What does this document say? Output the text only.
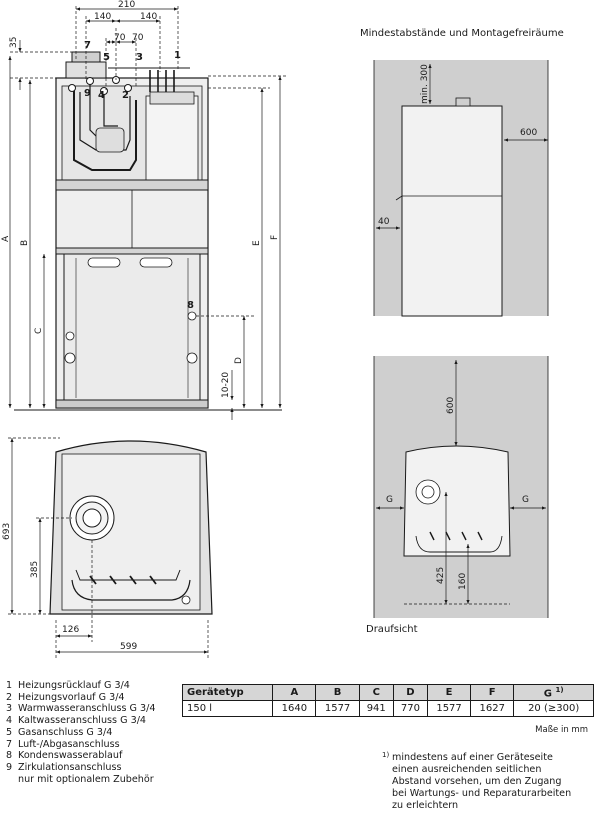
210
140	140
70 70
35
A
B
C
D
E
F
10-20
7
5	3	1
9 4 2
8
693
385
126
599
Mindestabstände und Montagefreiräume
min. 300
600
40
600
G	G
425 160
Draufsicht
1 Heizungsrücklauf G 3/4
2 Heizungsvorlauf G 3/4
3 Warmwasseranschluss G 3/4
4 Kaltwasseranschluss G 3/4
5 Gasanschluss G 3/4
7 Luft-/Abgasanschluss
8 Kondenswasserablauf
9 Zirkulationsanschluss
nur mit optionalem Zubehör
Gerätetyp	A	B	C	D	E	F	G $^{1)}$
150 l	1640	1577	941	770	1577	1627	20 (≥300)
Maße in mm
1) mindestens auf einer Geräteseite
einen ausreichenden seitlichen
Abstand vorsehen, um den Zugang
bei Wartungs- und Reparaturarbeiten
zu erleichtern
